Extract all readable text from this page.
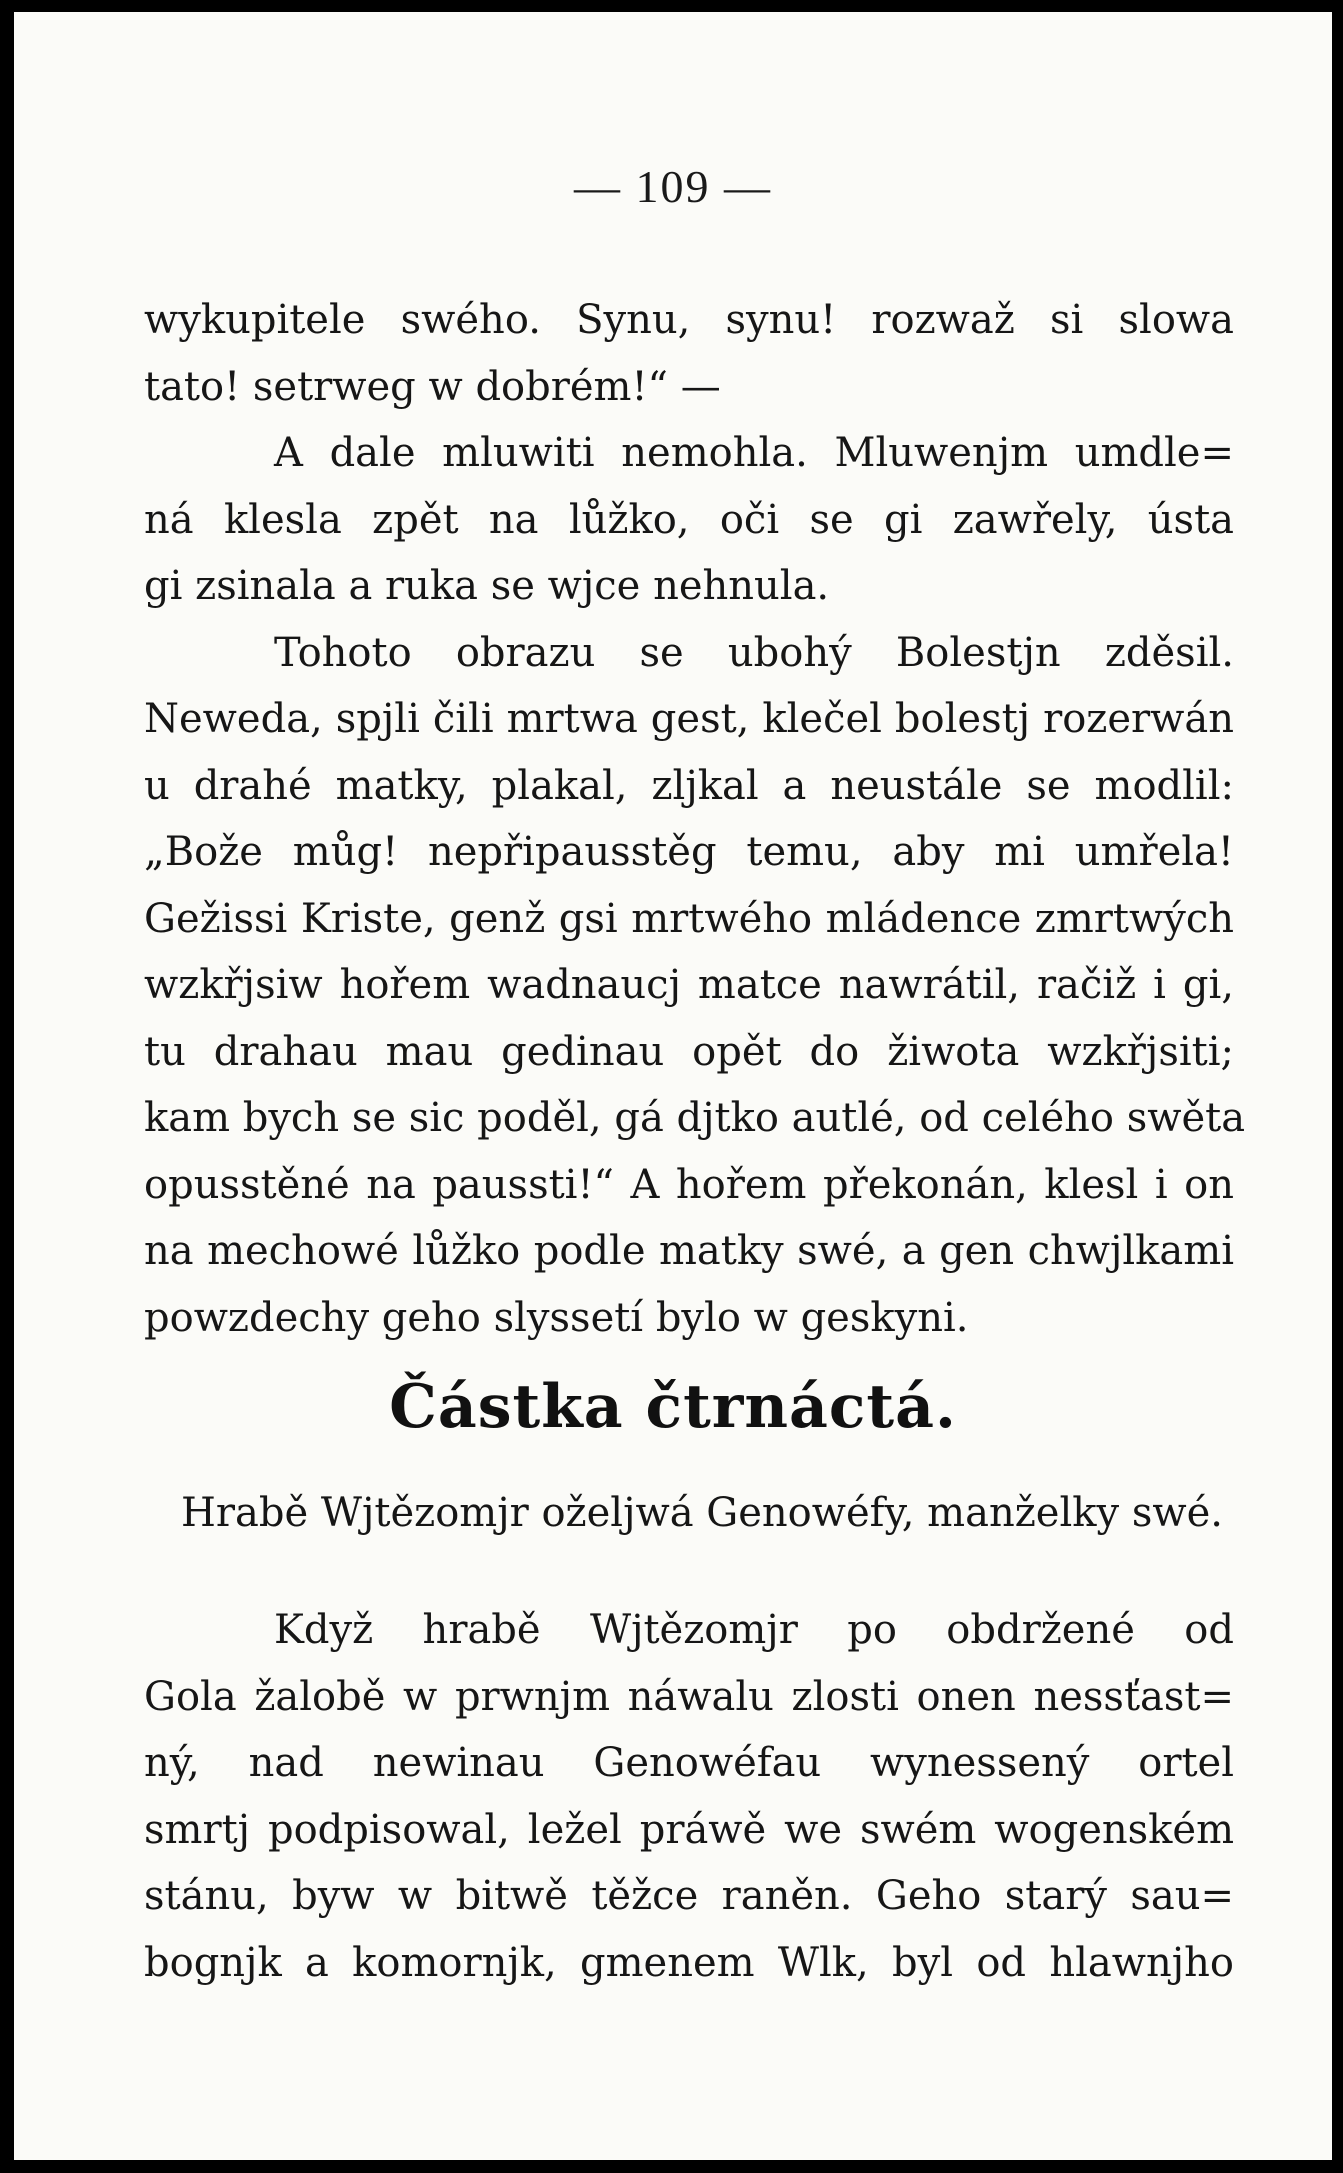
— 109 —
wykupitele swého. Synu, synu! rozwaž si slowa
tato! setrweg w dobrém!“ —
A dale mluwiti nemohla. Mluwenjm umdle=
ná klesla zpět na lůžko, oči se gi zawřely, ústa
gi zsinala a ruka se wjce nehnula.
Tohoto obrazu se ubohý Bolestjn zděsil.
Neweda, spjli čili mrtwa gest, klečel bolestj rozerwán
u drahé matky, plakal, zljkal a neustále se modlil:
„Bože můg! nepřipausstěg temu, aby mi umřela!
Gežissi Kriste, genž gsi mrtwého mládence zmrtwých
wzkřjsiw hořem wadnaucj matce nawrátil, račiž i gi,
tu drahau mau gedinau opět do žiwota wzkřjsiti;
kam bych se sic poděl, gá djtko autlé, od celého swěta
opusstěné na paussti!“ A hořem překonán, klesl i on
na mechowé lůžko podle matky swé, a gen chwjlkami
powzdechy geho slyssetí bylo w geskyni.
Částka čtrnáctá.
Hrabě Wjtězomjr oželjwá Genowéfy, manželky swé.
Když hrabě Wjtězomjr po obdržené od
Gola žalobě w prwnjm náwalu zlosti onen nessťast=
ný, nad newinau Genowéfau wynessený ortel
smrtj podpisowal, ležel práwě we swém wogenském
stánu, byw w bitwě těžce raněn. Geho starý sau=
bognjk a komornjk, gmenem Wlk, byl od hlawnjho
